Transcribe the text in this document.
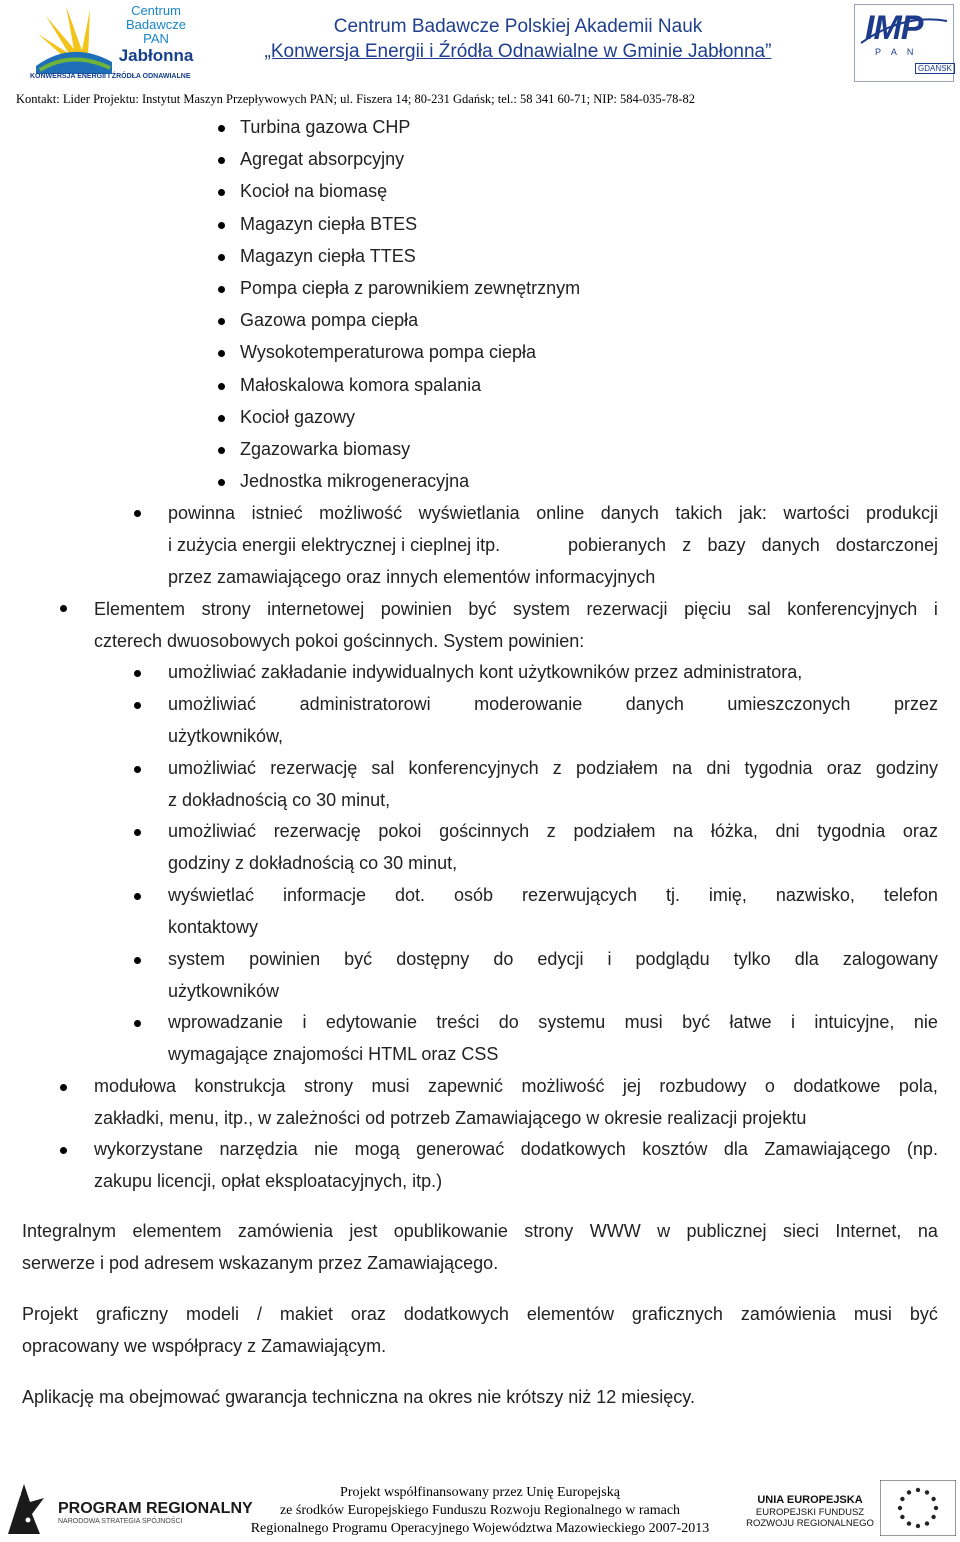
Centrum
Badawcze
PAN
Jabłonna
KONWERSJA ENERGII I ŹRÓDŁA ODNAWIALNE
Centrum Badawcze Polskiej Akademii Nauk
„Konwersja Energii i Źródła Odnawialne w Gminie Jabłonna”
IMP
P A N
GDAŃSK
Kontakt: Lider Projektu: Instytut Maszyn Przepływowych PAN; ul. Fiszera 14; 80-231 Gdańsk; tel.: 58 341 60-71; NIP: 584-035-78-82
Turbina gazowa CHP
Agregat absorpcyjny
Kocioł na biomasę
Magazyn ciepła BTES
Magazyn ciepła TTES
Pompa ciepła z parownikiem zewnętrznym
Gazowa pompa ciepła
Wysokotemperaturowa pompa ciepła
Małoskalowa komora spalania
Kocioł gazowy
Zgazowarka biomasy
Jednostka mikrogeneracyjna
powinna istnieć możliwość wyświetlania online danych takich jak: wartości produkcji
i zużycia energii elektrycznej i cieplnej itp.	pobieranych z bazy danych dostarczonej
przez zamawiającego oraz innych elementów informacyjnych
Elementem strony internetowej powinien być system rezerwacji pięciu sal konferencyjnych i
czterech dwuosobowych pokoi gościnnych. System powinien:
umożliwiać zakładanie indywidualnych kont użytkowników przez administratora,
umożliwiać administratorowi moderowanie danych umieszczonych przez
użytkowników,
umożliwiać rezerwację sal konferencyjnych z podziałem na dni tygodnia oraz godziny
z dokładnością co 30 minut,
umożliwiać rezerwację pokoi gościnnych z podziałem na łóżka, dni tygodnia oraz
godziny z dokładnością co 30 minut,
wyświetlać informacje dot. osób rezerwujących tj. imię, nazwisko, telefon
kontaktowy
system powinien być dostępny do edycji i podglądu tylko dla zalogowany
użytkowników
wprowadzanie i edytowanie treści do systemu musi być łatwe i intuicyjne, nie
wymagające znajomości HTML oraz CSS
modułowa konstrukcja strony musi zapewnić możliwość jej rozbudowy o dodatkowe pola,
zakładki, menu, itp., w zależności od potrzeb Zamawiającego w okresie realizacji projektu
wykorzystane narzędzia nie mogą generować dodatkowych kosztów dla Zamawiającego (np.
zakupu licencji, opłat eksploatacyjnych, itp.)
Integralnym elementem zamówienia jest opublikowanie strony WWW w publicznej sieci Internet, na
serwerze i pod adresem wskazanym przez Zamawiającego.
Projekt graficzny modeli / makiet oraz dodatkowych elementów graficznych zamówienia musi być
opracowany we współpracy z Zamawiającym.
Aplikację ma obejmować gwarancja techniczna na okres nie krótszy niż 12 miesięcy.
PROGRAM REGIONALNY
NARODOWA STRATEGIA SPÓJNOŚCI
Projekt współfinansowany przez Unię Europejską
ze środków Europejskiego Funduszu Rozwoju Regionalnego w ramach
Regionalnego Programu Operacyjnego Województwa Mazowieckiego 2007-2013
UNIA EUROPEJSKA
EUROPEJSKI FUNDUSZ
ROZWOJU REGIONALNEGO
